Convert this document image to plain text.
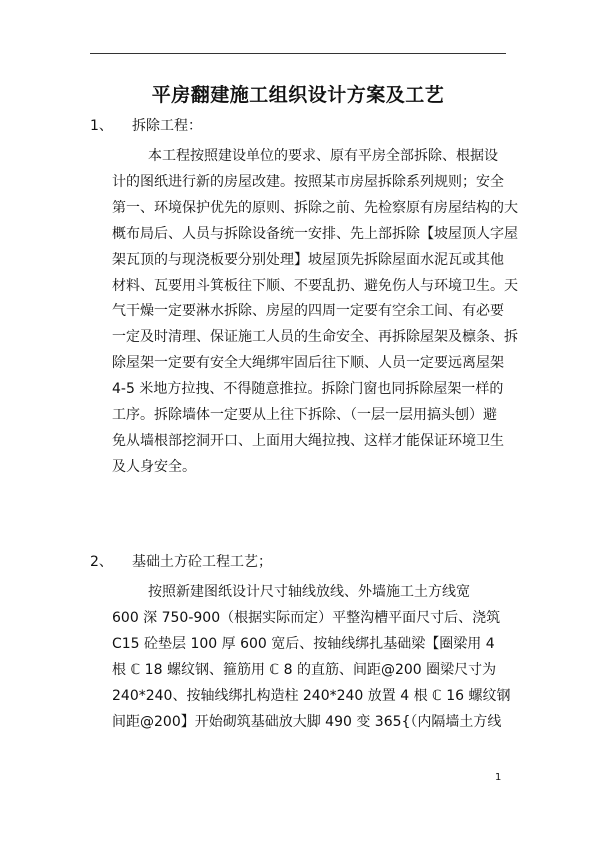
平房翻建施工组织设计方案及工艺
1、 拆除工程：
本工程按照建设单位的要求、原有平房全部拆除、根据设
计的图纸进行新的房屋改建。按照某市房屋拆除系列规则；安全
第一、环境保护优先的原则、拆除之前、先检察原有房屋结构的大
概布局后、人员与拆除设备统一安排、先上部拆除【坡屋顶人字屋
架瓦顶的与现浇板要分别处理】坡屋顶先拆除屋面水泥瓦或其他
材料、瓦要用斗箕板往下顺、不要乱扔、避免伤人与环境卫生。天
气干燥一定要淋水拆除、房屋的四周一定要有空余工间、有必要
一定及时清理、保证施工人员的生命安全、再拆除屋架及檩条、拆
除屋架一定要有安全大绳绑牢固后往下顺、人员一定要远离屋架
4-5 米地方拉拽、不得随意推拉。拆除门窗也同拆除屋架一样的
工序。拆除墙体一定要从上往下拆除、（一层一层用搞头刨）避
免从墙根部挖洞开口、上面用大绳拉拽、这样才能保证环境卫生
及人身安全。
2、 基础土方砼工程工艺；
按照新建图纸设计尺寸轴线放线、外墙施工土方线宽
600 深 750-900（根据实际而定）平整沟槽平面尺寸后、浇筑
C15 砼垫层 100 厚 600 宽后、按轴线绑扎基础梁【圈梁用 4
根 ℂ 18 螺纹钢、箍筋用 ℂ 8 的直筋、间距@200 圈梁尺寸为
240*240、按轴线绑扎构造柱 240*240 放置 4 根 ℂ 16 螺纹钢
间距@200】开始砌筑基础放大脚 490 变 365{（内隔墙土方线
1
